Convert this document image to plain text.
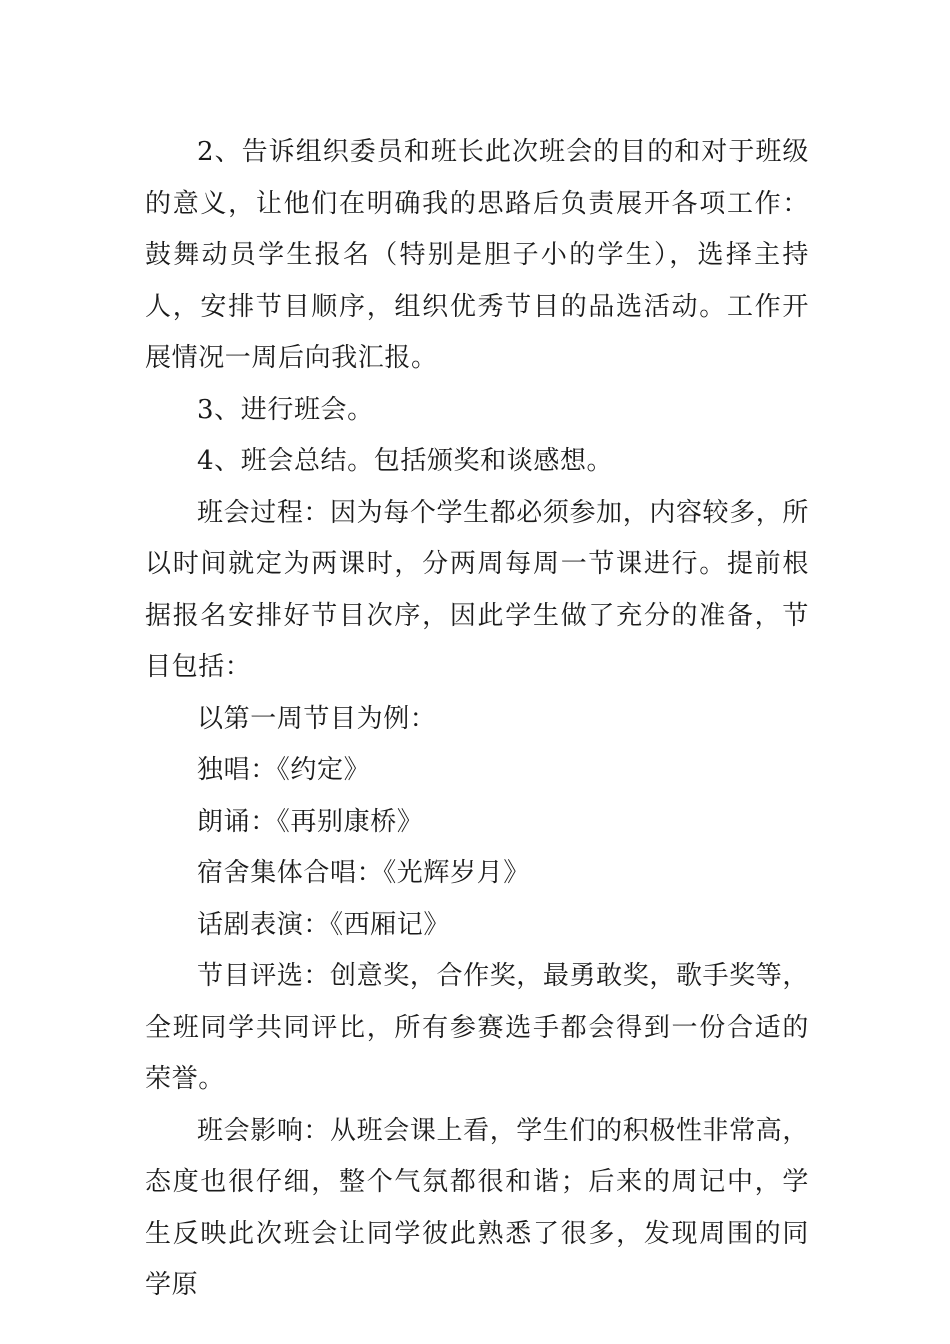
2、告诉组织委员和班长此次班会的目的和对于班级的意义，让他们在明确我的思路后负责展开各项工作：鼓舞动员学生报名（特别是胆子小的学生），选择主持人，安排节目顺序，组织优秀节目的品选活动。工作开展情况一周后向我汇报。

3、进行班会。

4、班会总结。包括颁奖和谈感想。

班会过程：因为每个学生都必须参加，内容较多，所以时间就定为两课时，分两周每周一节课进行。提前根据报名安排好节目次序，因此学生做了充分的准备，节目包括：

以第一周节目为例：

独唱：《约定》

朗诵：《再别康桥》

宿舍集体合唱：《光辉岁月》

话剧表演：《西厢记》

节目评选：创意奖，合作奖，最勇敢奖，歌手奖等，全班同学共同评比，所有参赛选手都会得到一份合适的荣誉。

班会影响：从班会课上看，学生们的积极性非常高，态度也很仔细，整个气氛都很和谐；后来的周记中，学生反映此次班会让同学彼此熟悉了很多，发现周围的同学原
